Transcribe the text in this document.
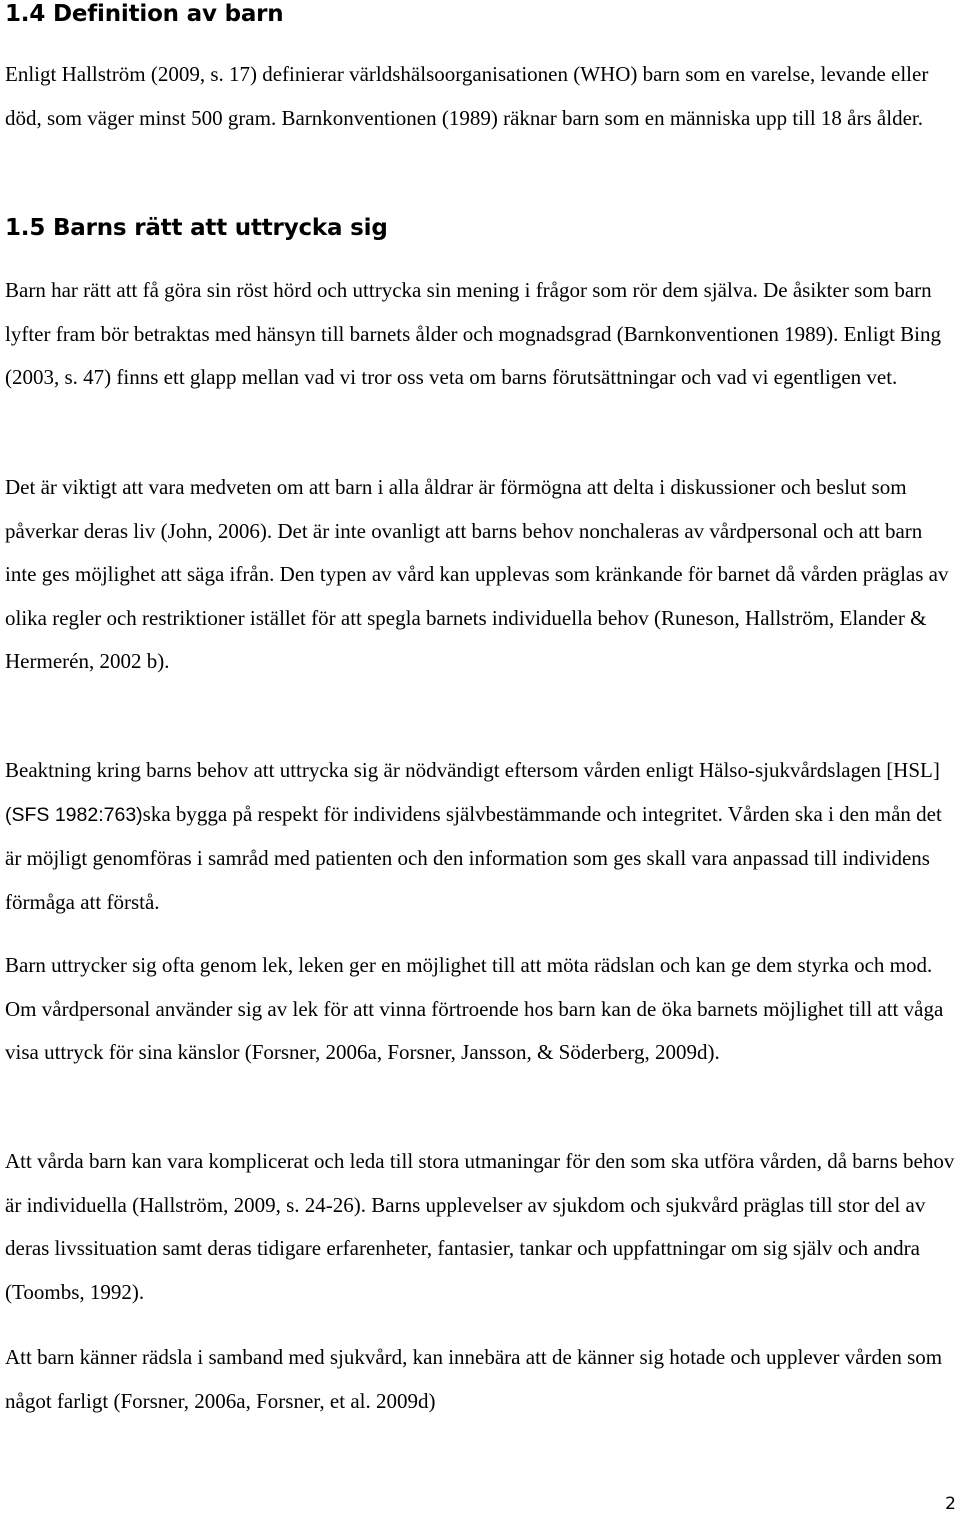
1.4 Definition av barn

Enligt Hallström (2009, s. 17) definierar världshälsoorganisationen (WHO) barn som en varelse, levande eller död, som väger minst 500 gram. Barnkonventionen (1989) räknar barn som en människa upp till 18 års ålder.

1.5 Barns rätt att uttrycka sig

Barn har rätt att få göra sin röst hörd och uttrycka sin mening i frågor som rör dem själva. De åsikter som barn lyfter fram bör betraktas med hänsyn till barnets ålder och mognadsgrad (Barnkonventionen 1989). Enligt Bing (2003, s. 47) finns ett glapp mellan vad vi tror oss veta om barns förutsättningar och vad vi egentligen vet.

Det är viktigt att vara medveten om att barn i alla åldrar är förmögna att delta i diskussioner och beslut som påverkar deras liv (John, 2006). Det är inte ovanligt att barns behov nonchaleras av vårdpersonal och att barn inte ges möjlighet att säga ifrån. Den typen av vård kan upplevas som kränkande för barnet då vården präglas av olika regler och restriktioner istället för att spegla barnets individuella behov (Runeson, Hallström, Elander & Hermerén, 2002 b).

Beaktning kring barns behov att uttrycka sig är nödvändigt eftersom vården enligt Hälso-sjukvårdslagen [HSL] (SFS 1982:763)ska bygga på respekt för individens självbestämmande och integritet. Vården ska i den mån det är möjligt genomföras i samråd med patienten och den information som ges skall vara anpassad till individens förmåga att förstå.

Barn uttrycker sig ofta genom lek, leken ger en möjlighet till att möta rädslan och kan ge dem styrka och mod. Om vårdpersonal använder sig av lek för att vinna förtroende hos barn kan de öka barnets möjlighet till att våga visa uttryck för sina känslor (Forsner, 2006a, Forsner, Jansson, & Söderberg, 2009d).

Att vårda barn kan vara komplicerat och leda till stora utmaningar för den som ska utföra vården, då barns behov är individuella (Hallström, 2009, s. 24-26). Barns upplevelser av sjukdom och sjukvård präglas till stor del av deras livssituation samt deras tidigare erfarenheter, fantasier, tankar och uppfattningar om sig själv och andra (Toombs, 1992).

Att barn känner rädsla i samband med sjukvård, kan innebära att de känner sig hotade och upplever vården som något farligt (Forsner, 2006a, Forsner, et al. 2009d)

2
